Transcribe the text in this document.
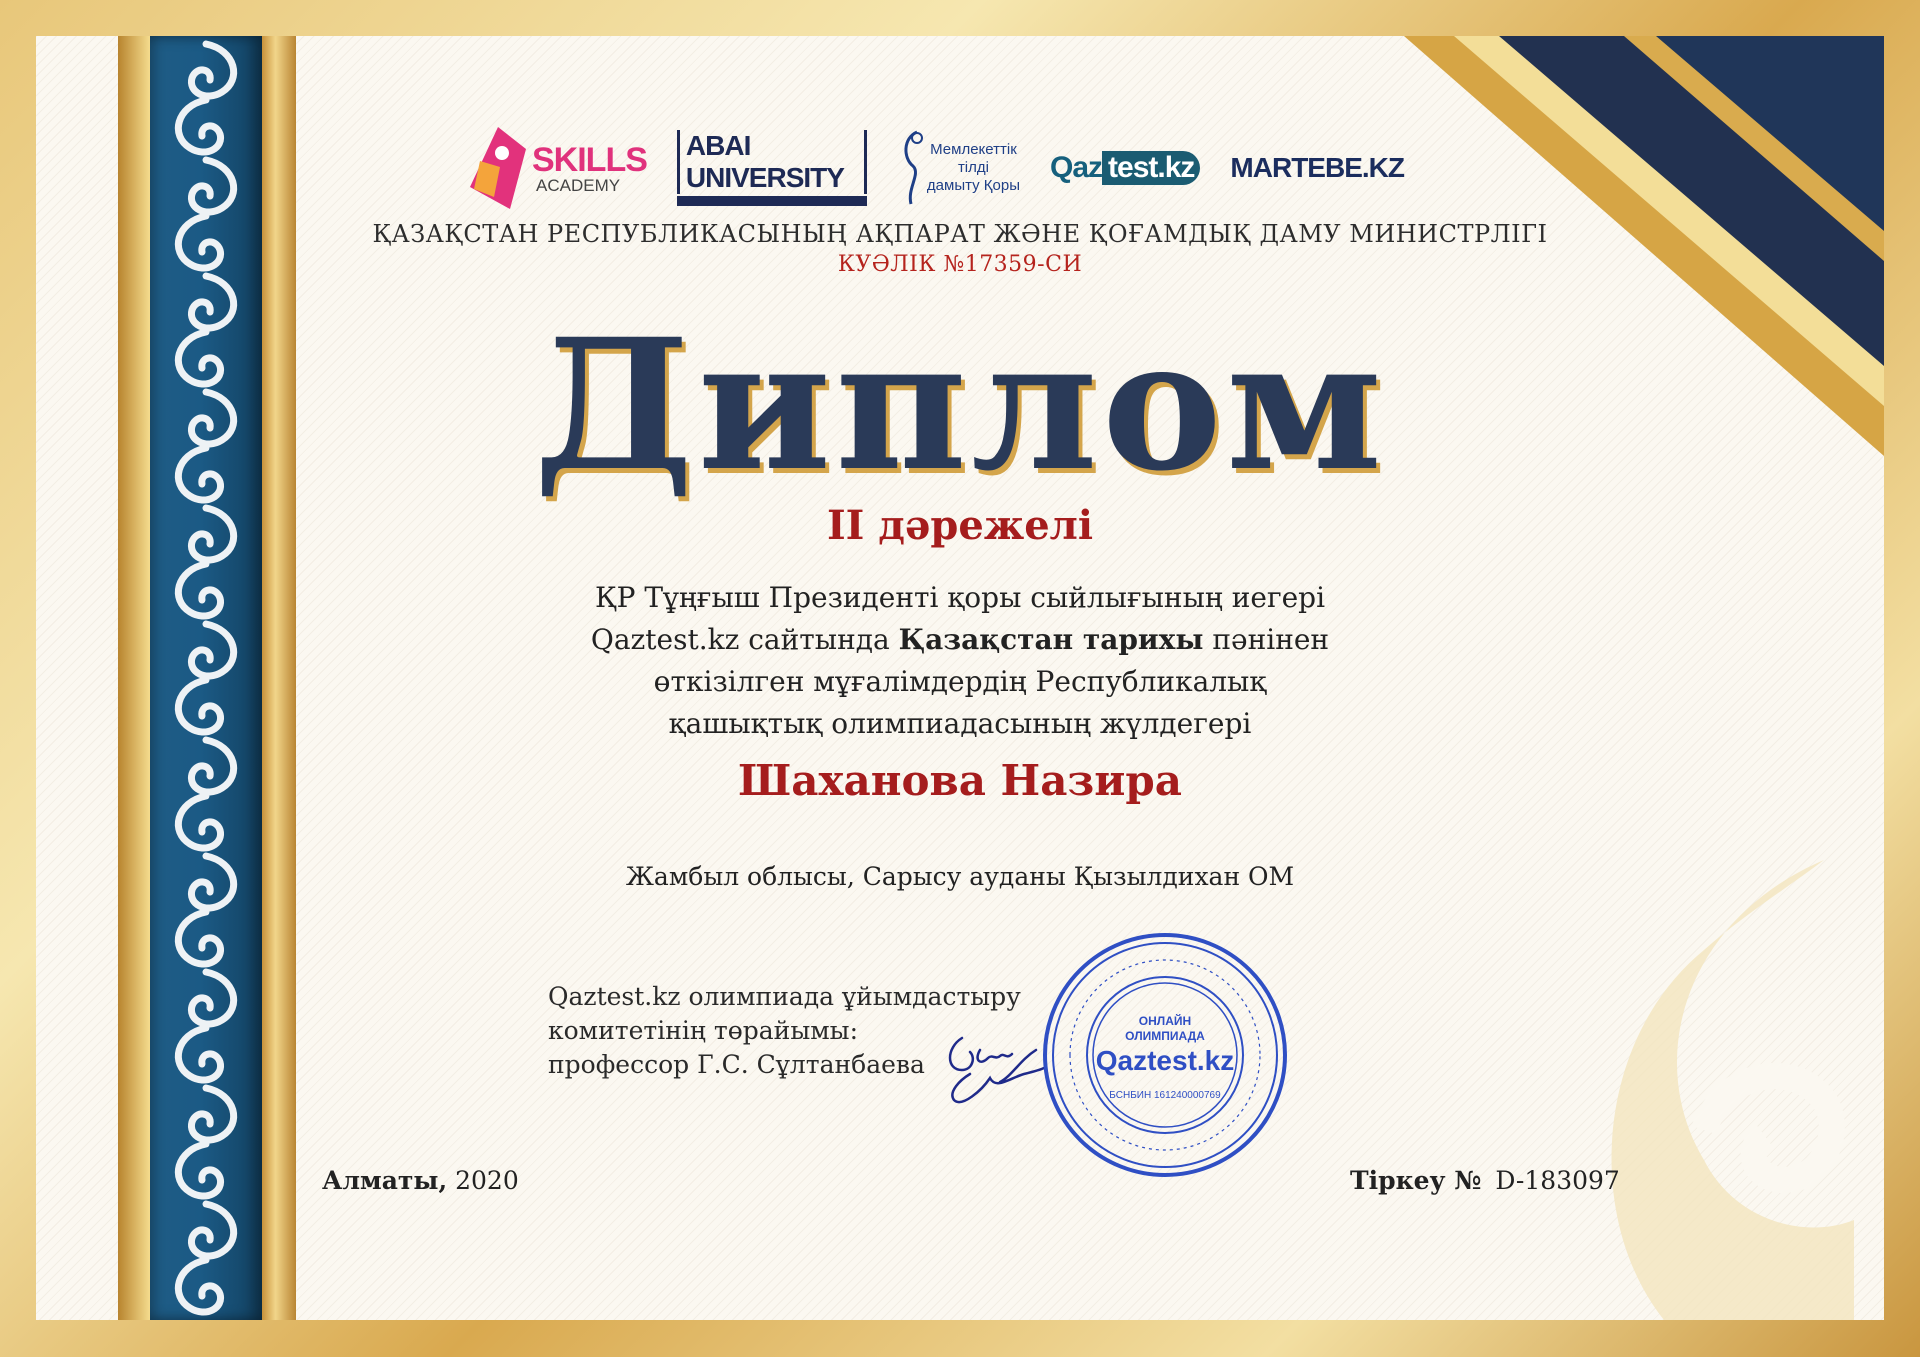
SKILLS
ACADEMY
ABAI UNIVERSITY
Мемлекеттік
тілді
дамыту Қоры
Qaz test.kz MARTEBE.KZ
ҚАЗАҚСТАН РЕСПУБЛИКАСЫНЫҢ АҚПАРАТ ЖӘНЕ ҚОҒАМДЫҚ ДАМУ МИНИСТРЛІГІ
КУӘЛІК №17359-СИ
Диплом
II дәрежелі
ҚР Тұңғыш Президенті қоры сыйлығының иегері
Qaztest.kz сайтында Қазақстан тарихы пәнінен
өткізілген мұғалімдердің Республикалық
қашықтық олимпиадасының жүлдегері
Шаханова Назира
Жамбыл облысы, Сарысу ауданы Қызылдихан ОМ
Qaztest.kz олимпиада ұйымдастыру
комитетінің төрайымы:
профессор Г.С. Сұлтанбаева
ОНЛАЙН
ОЛИМПИАДА
Qaztest.kz
БСНБИН 161240000769
Алматы, 2020	Тіркеу № D-183097
